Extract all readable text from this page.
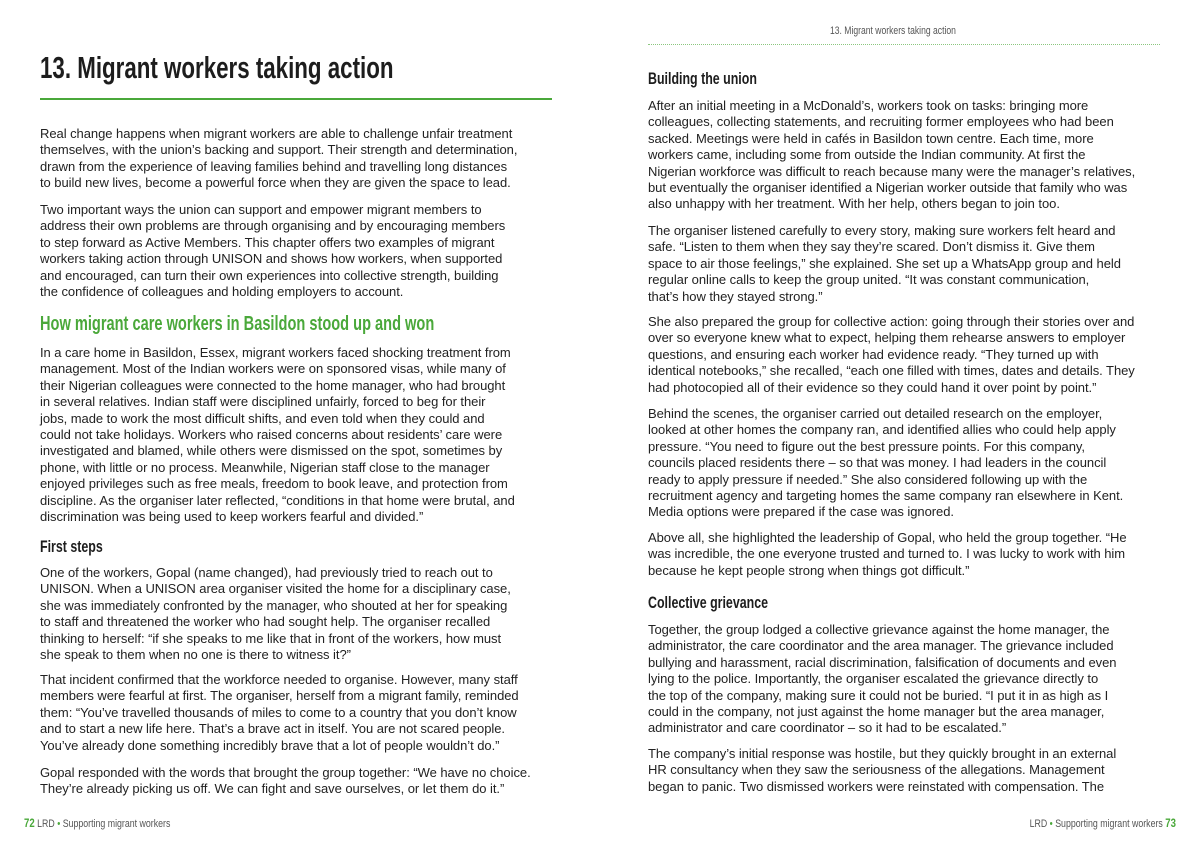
13. Migrant workers taking action
Real change happens when migrant workers are able to challenge unfair treatment
themselves, with the union’s backing and support. Their strength and determination,
drawn from the experience of leaving families behind and travelling long distances
to build new lives, become a powerful force when they are given the space to lead.
Two important ways the union can support and empower migrant members to
address their own problems are through organising and by encouraging members
to step forward as Active Members. This chapter offers two examples of migrant
workers taking action through UNISON and shows how workers, when supported
and encouraged, can turn their own experiences into collective strength, building
the confidence of colleagues and holding employers to account.
How migrant care workers in Basildon stood up and won
In a care home in Basildon, Essex, migrant workers faced shocking treatment from
management. Most of the Indian workers were on sponsored visas, while many of
their Nigerian colleagues were connected to the home manager, who had brought
in several relatives. Indian staff were disciplined unfairly, forced to beg for their
jobs, made to work the most difficult shifts, and even told when they could and
could not take holidays. Workers who raised concerns about residents’ care were
investigated and blamed, while others were dismissed on the spot, sometimes by
phone, with little or no process. Meanwhile, Nigerian staff close to the manager
enjoyed privileges such as free meals, freedom to book leave, and protection from
discipline. As the organiser later reflected, “conditions in that home were brutal, and
discrimination was being used to keep workers fearful and divided.”
First steps
One of the workers, Gopal (name changed), had previously tried to reach out to
UNISON. When a UNISON area organiser visited the home for a disciplinary case,
she was immediately confronted by the manager, who shouted at her for speaking
to staff and threatened the worker who had sought help. The organiser recalled
thinking to herself: “if she speaks to me like that in front of the workers, how must
she speak to them when no one is there to witness it?”
That incident confirmed that the workforce needed to organise. However, many staff
members were fearful at first. The organiser, herself from a migrant family, reminded
them: “You’ve travelled thousands of miles to come to a country that you don’t know
and to start a new life here. That’s a brave act in itself. You are not scared people.
You’ve already done something incredibly brave that a lot of people wouldn’t do.”
Gopal responded with the words that brought the group together: “We have no choice.
They’re already picking us off. We can fight and save ourselves, or let them do it.”
72 LRD • Supporting migrant workers
13. Migrant workers taking action
Building the union
After an initial meeting in a McDonald’s, workers took on tasks: bringing more
colleagues, collecting statements, and recruiting former employees who had been
sacked. Meetings were held in cafés in Basildon town centre. Each time, more
workers came, including some from outside the Indian community. At first the
Nigerian workforce was difficult to reach because many were the manager’s relatives,
but eventually the organiser identified a Nigerian worker outside that family who was
also unhappy with her treatment. With her help, others began to join too.
The organiser listened carefully to every story, making sure workers felt heard and
safe. “Listen to them when they say they’re scared. Don’t dismiss it. Give them
space to air those feelings,” she explained. She set up a WhatsApp group and held
regular online calls to keep the group united. “It was constant communication,
that’s how they stayed strong.”
She also prepared the group for collective action: going through their stories over and
over so everyone knew what to expect, helping them rehearse answers to employer
questions, and ensuring each worker had evidence ready. “They turned up with
identical notebooks,” she recalled, “each one filled with times, dates and details. They
had photocopied all of their evidence so they could hand it over point by point.”
Behind the scenes, the organiser carried out detailed research on the employer,
looked at other homes the company ran, and identified allies who could help apply
pressure. “You need to figure out the best pressure points. For this company,
councils placed residents there – so that was money. I had leaders in the council
ready to apply pressure if needed.” She also considered following up with the
recruitment agency and targeting homes the same company ran elsewhere in Kent.
Media options were prepared if the case was ignored.
Above all, she highlighted the leadership of Gopal, who held the group together. “He
was incredible, the one everyone trusted and turned to. I was lucky to work with him
because he kept people strong when things got difficult.”
Collective grievance
Together, the group lodged a collective grievance against the home manager, the
administrator, the care coordinator and the area manager. The grievance included
bullying and harassment, racial discrimination, falsification of documents and even
lying to the police. Importantly, the organiser escalated the grievance directly to
the top of the company, making sure it could not be buried. “I put it in as high as I
could in the company, not just against the home manager but the area manager,
administrator and care coordinator – so it had to be escalated.”
The company’s initial response was hostile, but they quickly brought in an external
HR consultancy when they saw the seriousness of the allegations. Management
began to panic. Two dismissed workers were reinstated with compensation. The
LRD • Supporting migrant workers 73
